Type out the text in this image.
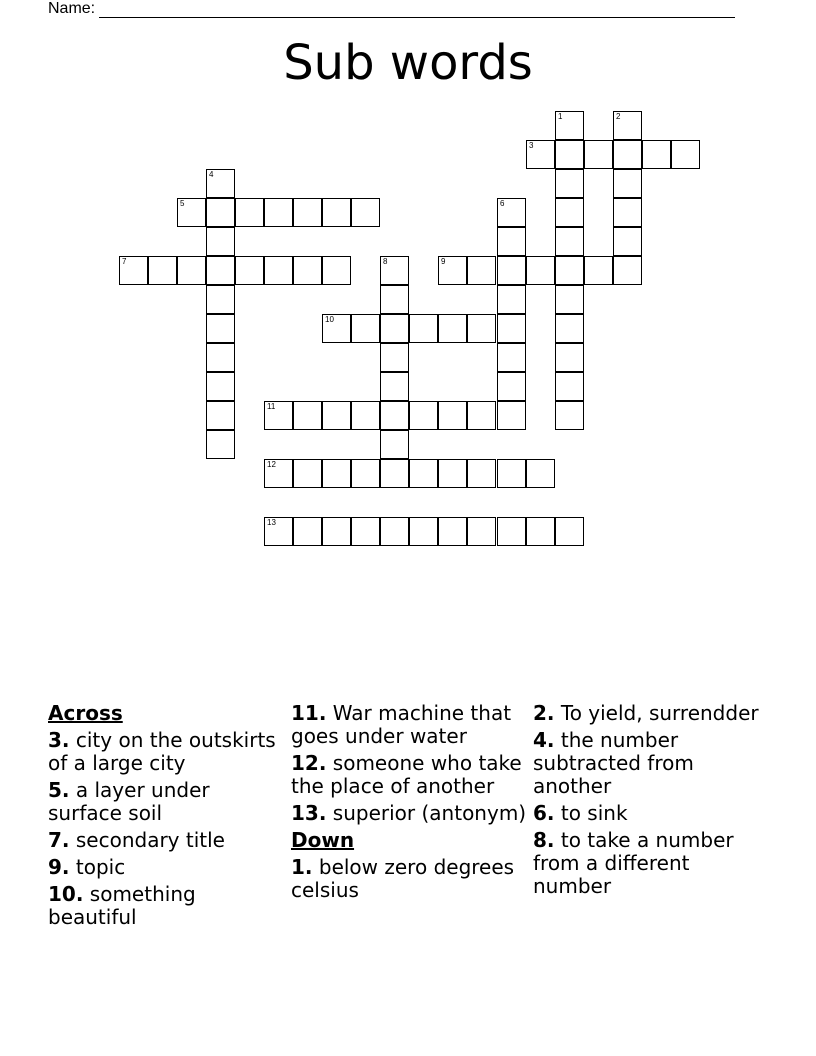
Name:
Sub words
1	2
3
4
5	6
7	8	9
10
11
12
13

Across

3. city on the outskirts of a large city

5. a layer under surface soil

7. secondary title

9. topic

10. something beautiful

11. War machine that goes under water

12. someone who take the place of another

13. superior (antonym)

Down

1. below zero degrees celsius

2. To yield, surrendder

4. the number subtracted from another

6. to sink

8. to take a number from a different number
